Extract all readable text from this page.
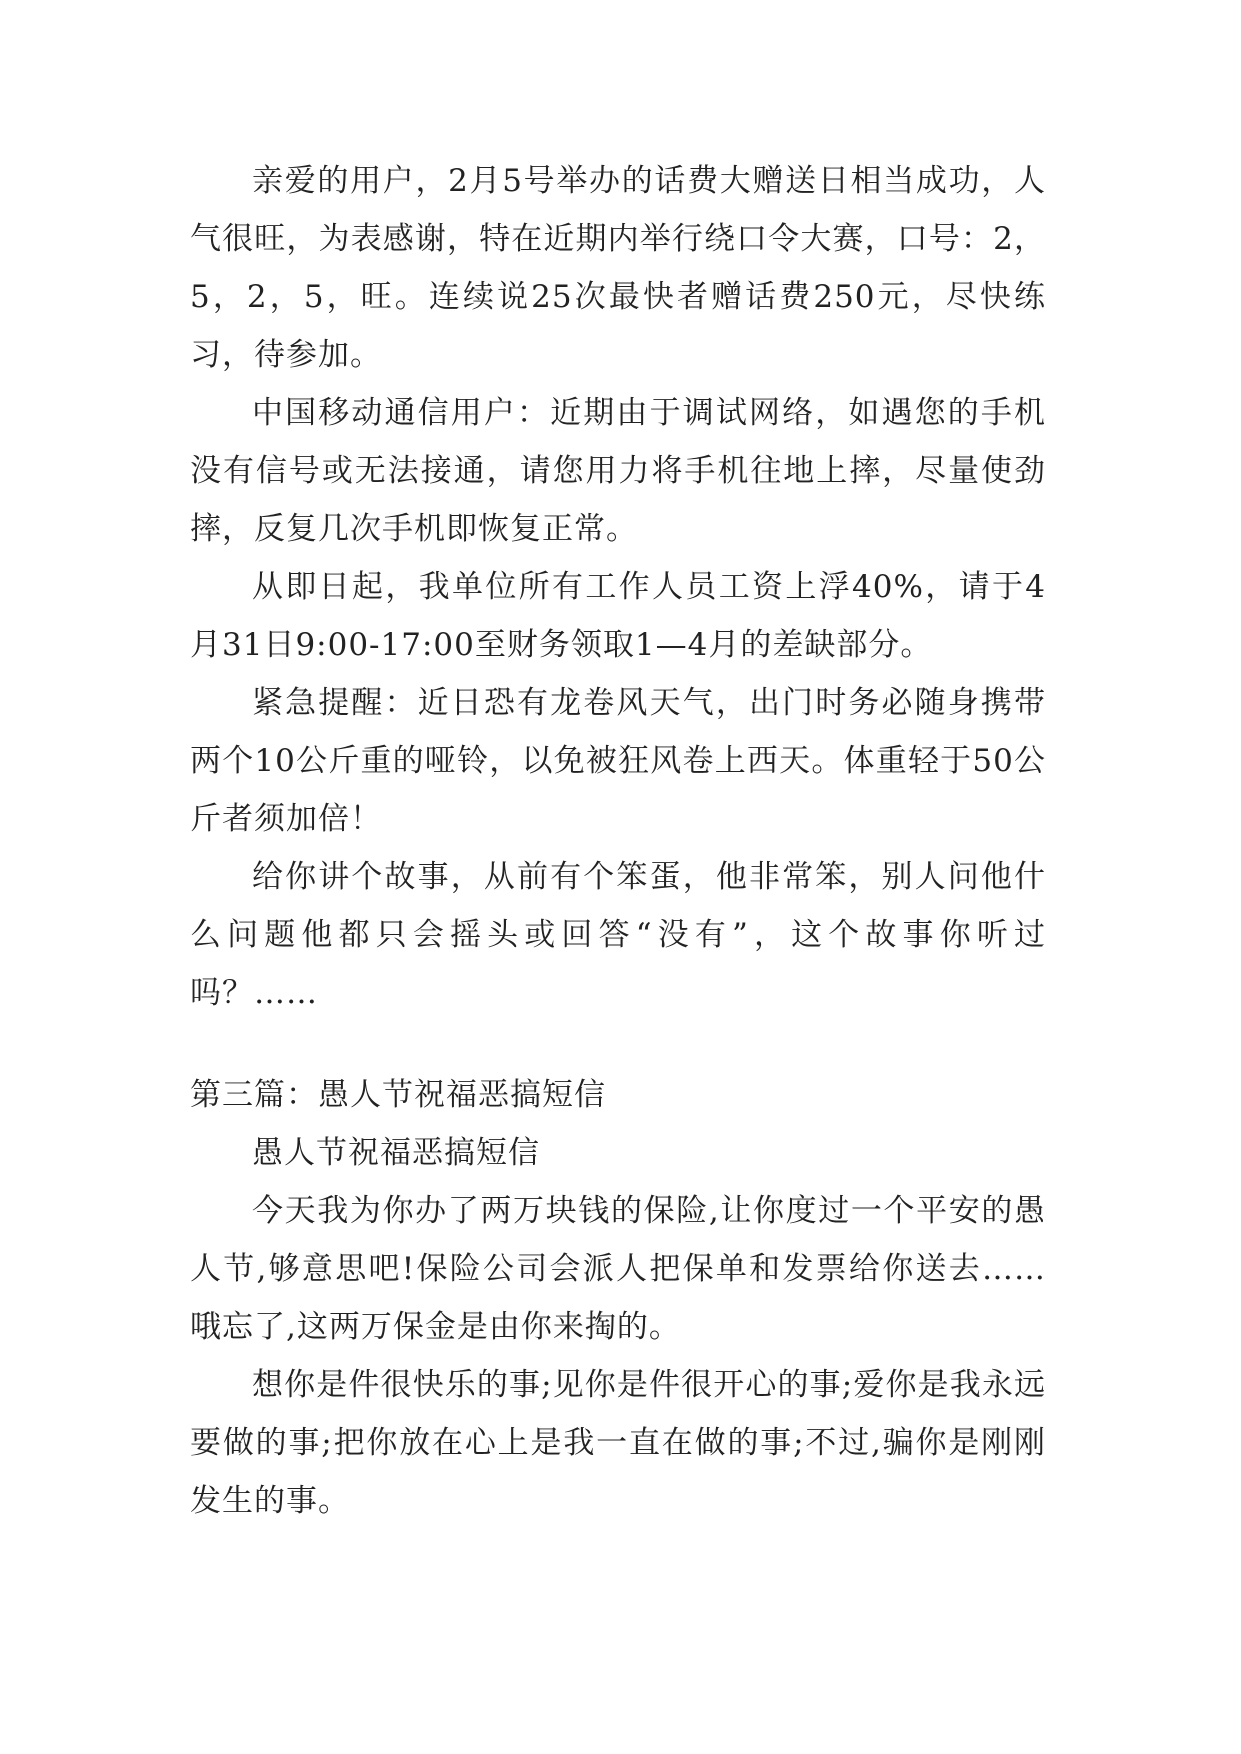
亲爱的用户，2月5号举办的话费大赠送日相当成功，人气很旺，为表感谢，特在近期内举行绕口令大赛，口号：2，5，2，5，旺。连续说25次最快者赠话费250元，尽快练习，待参加。

中国移动通信用户：近期由于调试网络，如遇您的手机没有信号或无法接通，请您用力将手机往地上摔，尽量使劲摔，反复几次手机即恢复正常。

从即日起，我单位所有工作人员工资上浮40%，请于4月31日9:00-17:00至财务领取1—4月的差缺部分。

紧急提醒：近日恐有龙卷风天气，出门时务必随身携带两个10公斤重的哑铃，以免被狂风卷上西天。体重轻于50公斤者须加倍！

给你讲个故事，从前有个笨蛋，他非常笨，别人问他什么问题他都只会摇头或回答“没有”，这个故事你听过吗？……

第三篇：愚人节祝福恶搞短信

愚人节祝福恶搞短信

今天我为你办了两万块钱的保险,让你度过一个平安的愚人节,够意思吧!保险公司会派人把保单和发票给你送去……哦忘了,这两万保金是由你来掏的。

想你是件很快乐的事;见你是件很开心的事;爱你是我永远要做的事;把你放在心上是我一直在做的事;不过,骗你是刚刚发生的事。
